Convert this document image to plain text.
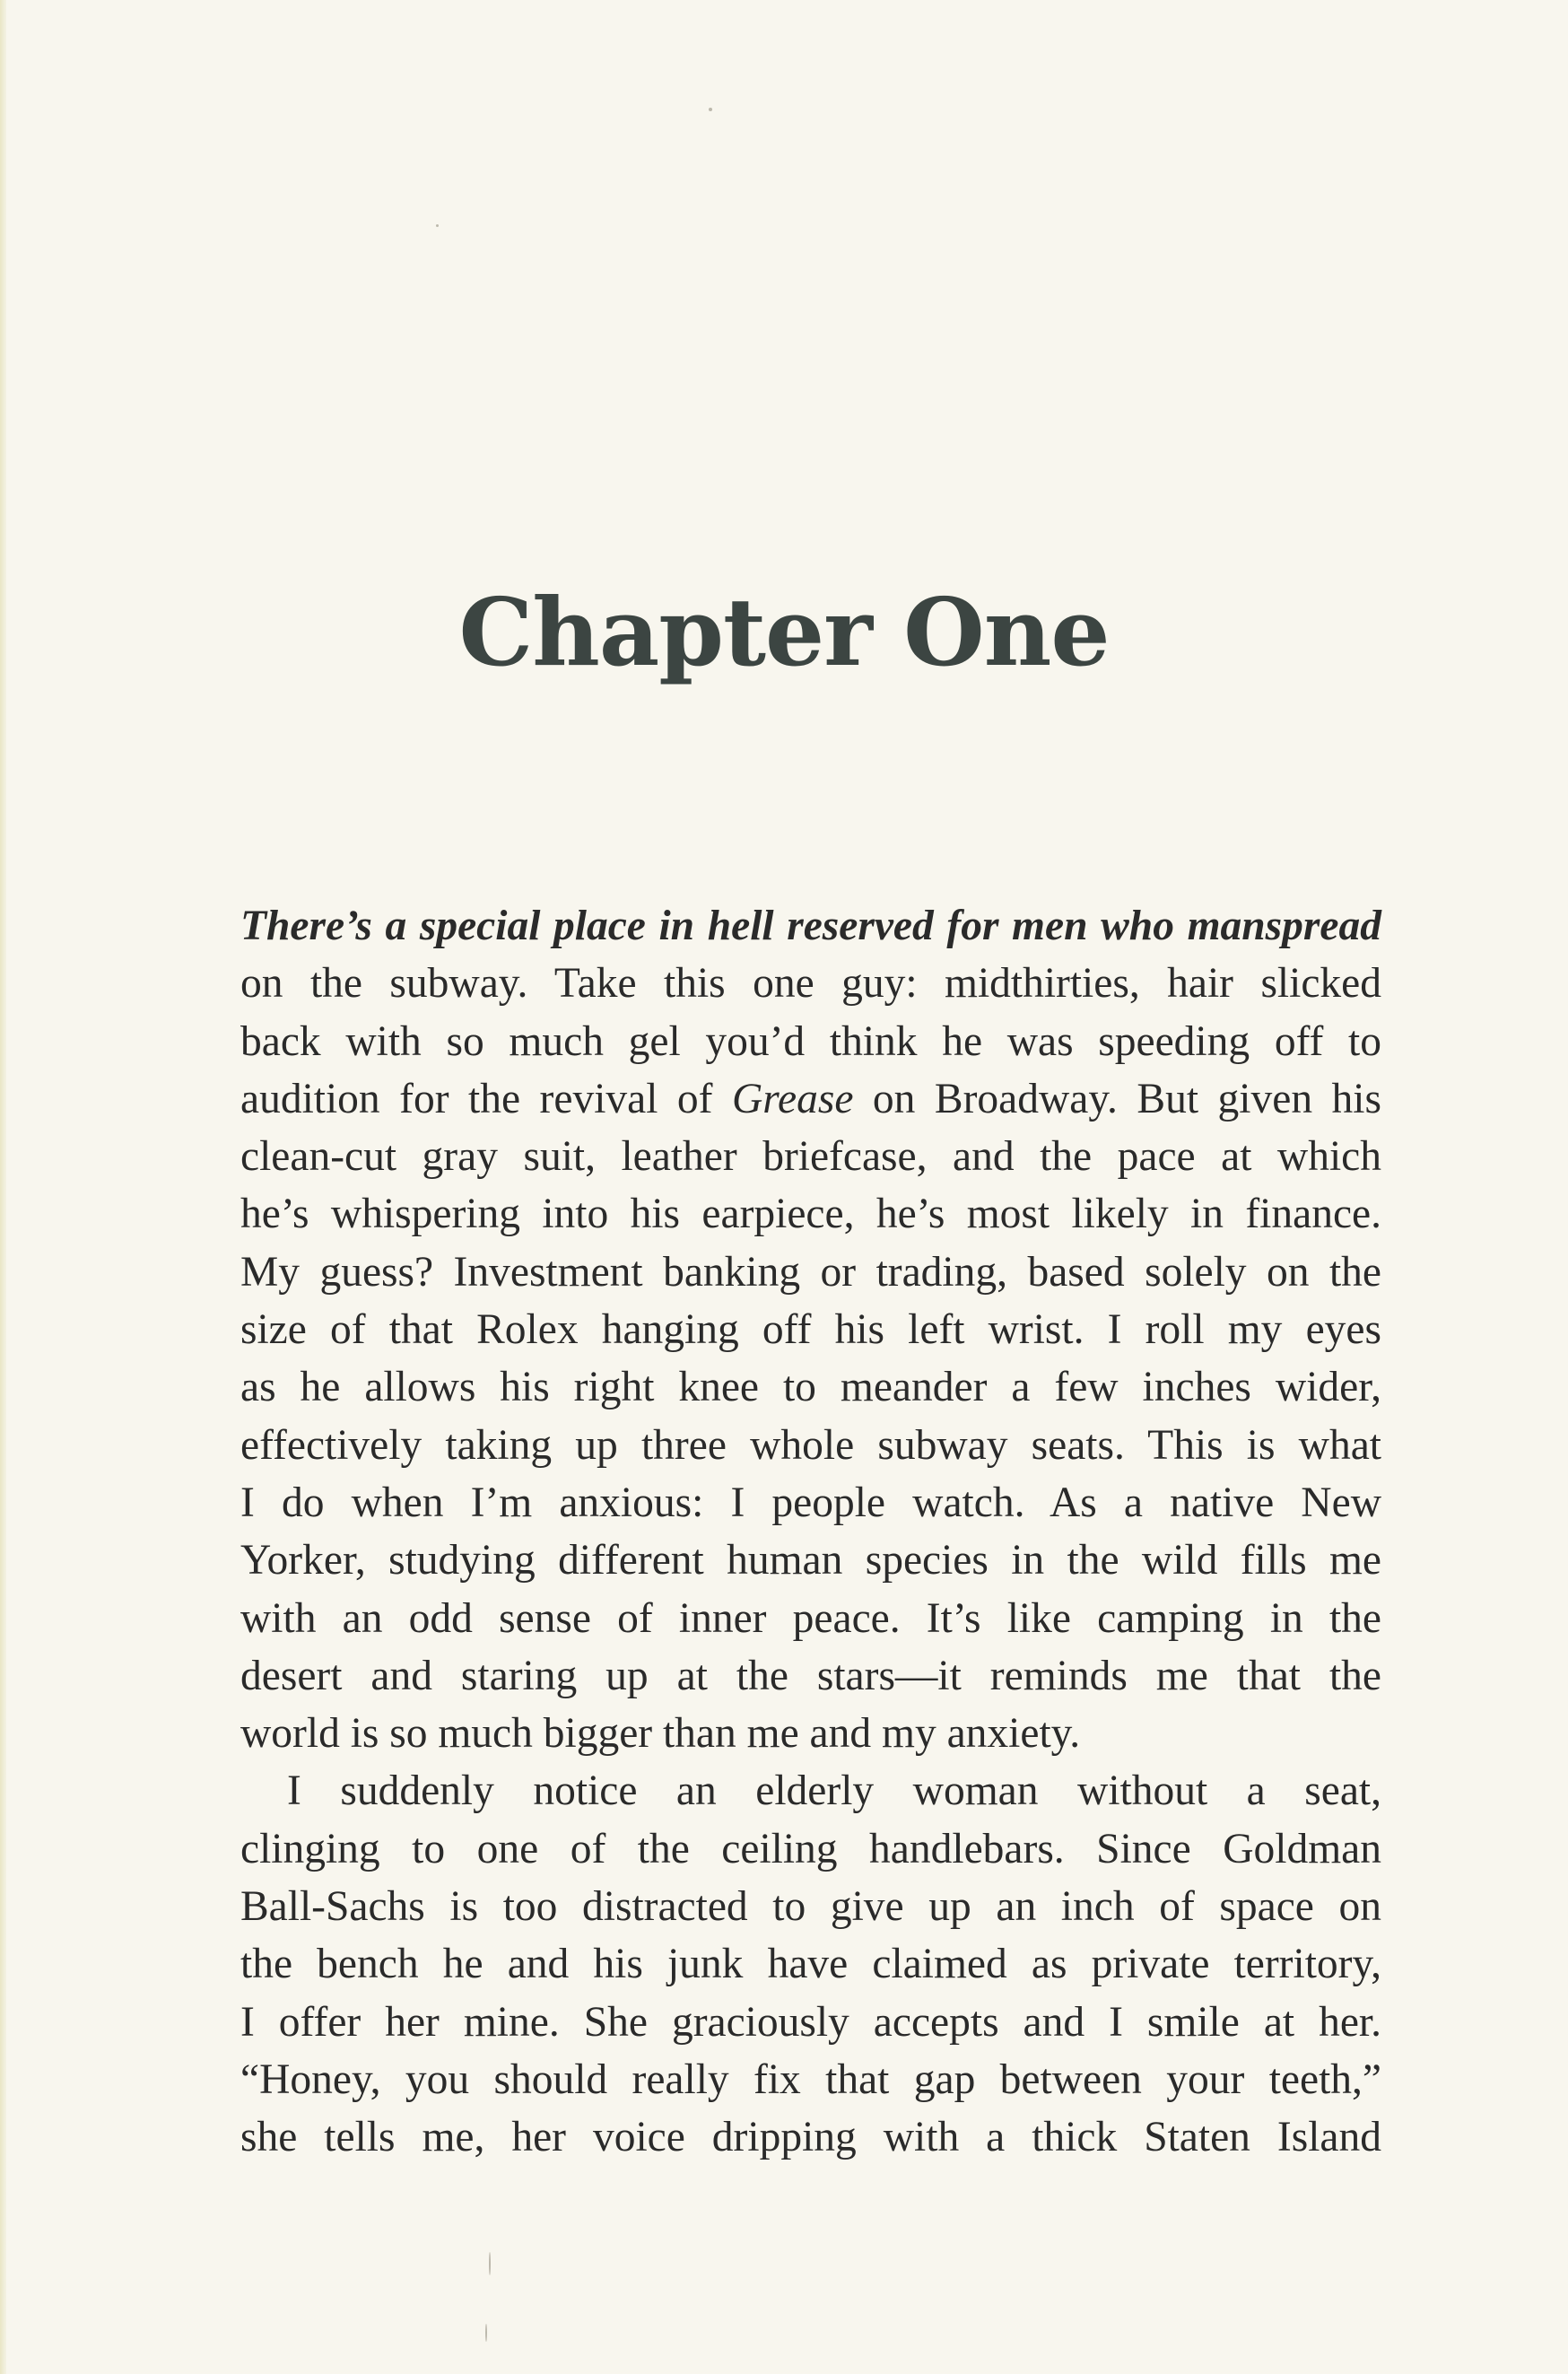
Chapter One
There’s a special place in hell reserved for men who manspread
on the subway. Take this one guy: midthirties, hair slicked
back with so much gel you’d think he was speeding off to
audition for the revival of Grease on Broadway. But given his
clean-cut gray suit, leather briefcase, and the pace at which
he’s whispering into his earpiece, he’s most likely in finance.
My guess? Investment banking or trading, based solely on the
size of that Rolex hanging off his left wrist. I roll my eyes
as he allows his right knee to meander a few inches wider,
effectively taking up three whole subway seats. This is what
I do when I’m anxious: I people watch. As a native New
Yorker, studying different human species in the wild fills me
with an odd sense of inner peace. It’s like camping in the
desert and staring up at the stars—it reminds me that the
world is so much bigger than me and my anxiety.
I suddenly notice an elderly woman without a seat,
clinging to one of the ceiling handlebars. Since Goldman
Ball-Sachs is too distracted to give up an inch of space on
the bench he and his junk have claimed as private territory,
I offer her mine. She graciously accepts and I smile at her.
“Honey, you should really fix that gap between your teeth,”
she tells me, her voice dripping with a thick Staten Island
